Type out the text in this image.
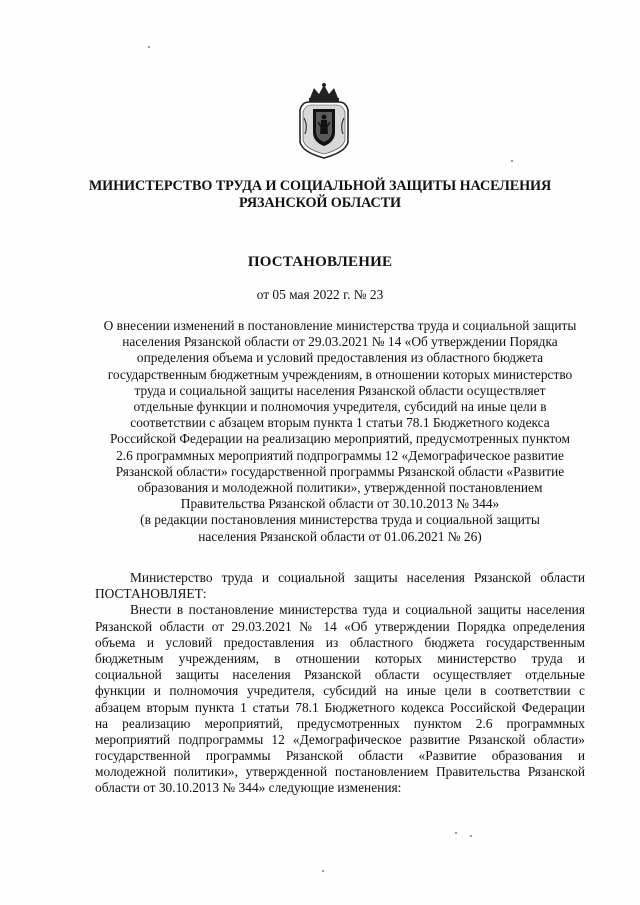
МИНИСТЕРСТВО ТРУДА И СОЦИАЛЬНОЙ ЗАЩИТЫ НАСЕЛЕНИЯ
РЯЗАНСКОЙ ОБЛАСТИ
ПОСТАНОВЛЕНИЕ
от 05 мая 2022 г. № 23
О внесении изменений в постановление министерства труда и социальной защиты
населения Рязанской области от 29.03.2021 № 14 «Об утверждении Порядка
определения объема и условий предоставления из областного бюджета
государственным бюджетным учреждениям, в отношении которых министерство
труда и социальной защиты населения Рязанской области осуществляет
отдельные функции и полномочия учредителя, субсидий на иные цели в
соответствии с абзацем вторым пункта 1 статьи 78.1 Бюджетного кодекса
Российской Федерации на реализацию мероприятий, предусмотренных пунктом
2.6 программных мероприятий подпрограммы 12 «Демографическое развитие
Рязанской области» государственной программы Рязанской области «Развитие
образования и молодежной политики», утвержденной постановлением
Правительства Рязанской области от 30.10.2013 № 344»
(в редакции постановления министерства труда и социальной защиты
населения Рязанской области от 01.06.2021 № 26)
Министерство труда и социальной защиты населения Рязанской области
ПОСТАНОВЛЯЕТ:
Внести в постановление министерства туда и социальной защиты населения
Рязанской области от 29.03.2021 № 14 «Об утверждении Порядка определения
объема и условий предоставления из областного бюджета государственным
бюджетным учреждениям, в отношении которых министерство труда и
социальной защиты населения Рязанской области осуществляет отдельные
функции и полномочия учредителя, субсидий на иные цели в соответствии с
абзацем вторым пункта 1 статьи 78.1 Бюджетного кодекса Российской Федерации
на реализацию мероприятий, предусмотренных пунктом 2.6 программных
мероприятий подпрограммы 12 «Демографическое развитие Рязанской области»
государственной программы Рязанской области «Развитие образования и
молодежной политики», утвержденной постановлением Правительства Рязанской
области от 30.10.2013 № 344» следующие изменения:
